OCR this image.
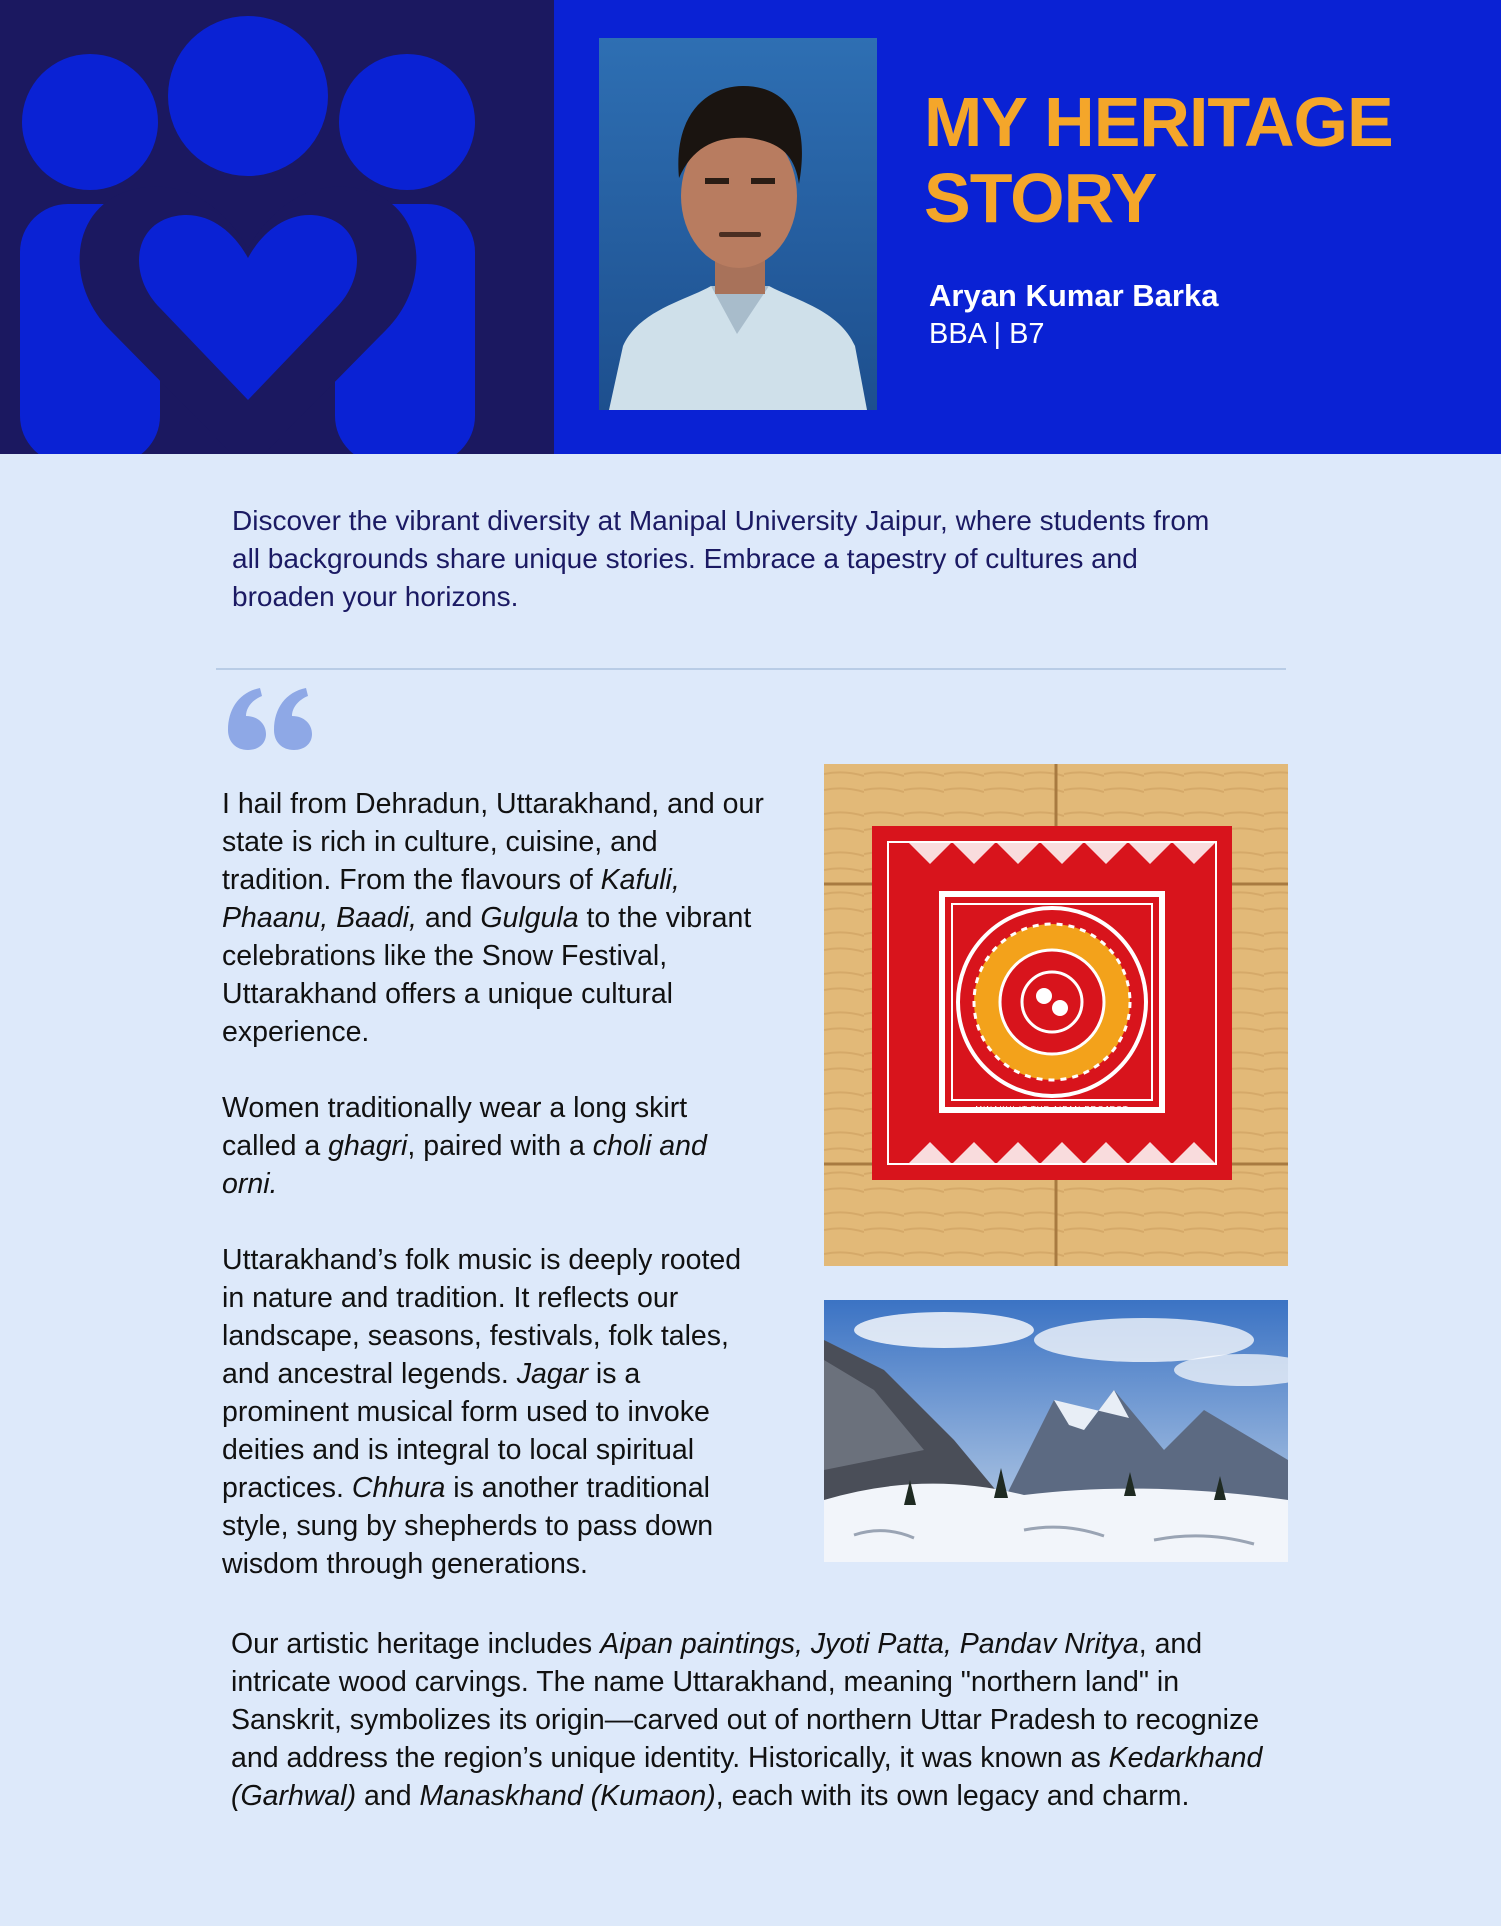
MY HERITAGE
STORY
Aryan Kumar Barka
BBA | B7

Discover the vibrant diversity at Manipal University Jaipur, where students from all backgrounds share unique stories. Embrace a tapestry of cultures and broaden your horizons.

I hail from Dehradun, Uttarakhand, and our state is rich in culture, cuisine, and tradition. From the flavours of Kafuli, Phaanu, Baadi, and Gulgula to the vibrant celebrations like the Snow Festival, Uttarakhand offers a unique cultural experience.

Women traditionally wear a long skirt called a ghagri, paired with a choli and orni.

Uttarakhand’s folk music is deeply rooted in nature and tradition. It reflects our landscape, seasons, festivals, folk tales, and ancestral legends. Jagar is a prominent musical form used to invoke deities and is integral to local spiritual practices. Chhura is another traditional style, sung by shepherds to pass down wisdom through generations.

MINAKHI IT THE AIPAN PROJECT

Our artistic heritage includes Aipan paintings, Jyoti Patta, Pandav Nritya, and intricate wood carvings. The name Uttarakhand, meaning "northern land" in Sanskrit, symbolizes its origin—carved out of northern Uttar Pradesh to recognize and address the region’s unique identity. Historically, it was known as Kedarkhand (Garhwal) and Manaskhand (Kumaon), each with its own legacy and charm.
